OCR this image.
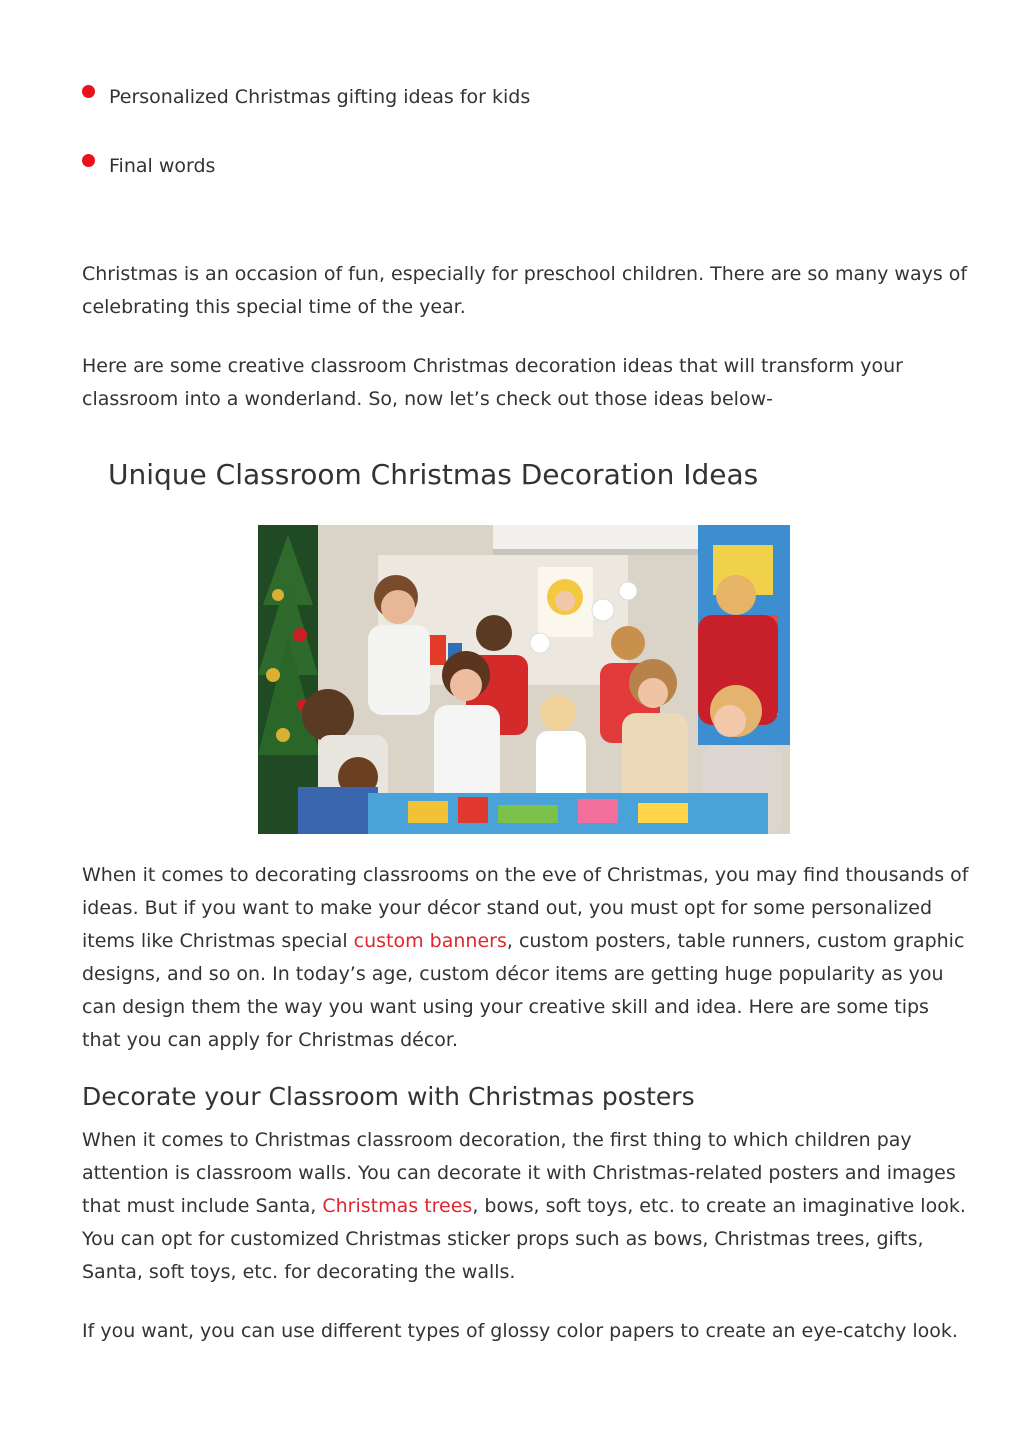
Personalized Christmas gifting ideas for kids
Final words

Christmas is an occasion of fun, especially for preschool children. There are so many ways of celebrating this special time of the year.

Here are some creative classroom Christmas decoration ideas that will transform your classroom into a wonderland. So, now let’s check out those ideas below-

Unique Classroom Christmas Decoration Ideas

When it comes to decorating classrooms on the eve of Christmas, you may find thousands of ideas. But if you want to make your décor stand out, you must opt for some personalized items like Christmas special custom banners, custom posters, table runners, custom graphic designs, and so on. In today’s age, custom décor items are getting huge popularity as you can design them the way you want using your creative skill and idea. Here are some tips that you can apply for Christmas décor.

Decorate your Classroom with Christmas posters

When it comes to Christmas classroom decoration, the first thing to which children pay attention is classroom walls. You can decorate it with Christmas-related posters and images that must include Santa, Christmas trees, bows, soft toys, etc. to create an imaginative look. You can opt for customized Christmas sticker props such as bows, Christmas trees, gifts, Santa, soft toys, etc. for decorating the walls.

If you want, you can use different types of glossy color papers to create an eye-catchy look.
